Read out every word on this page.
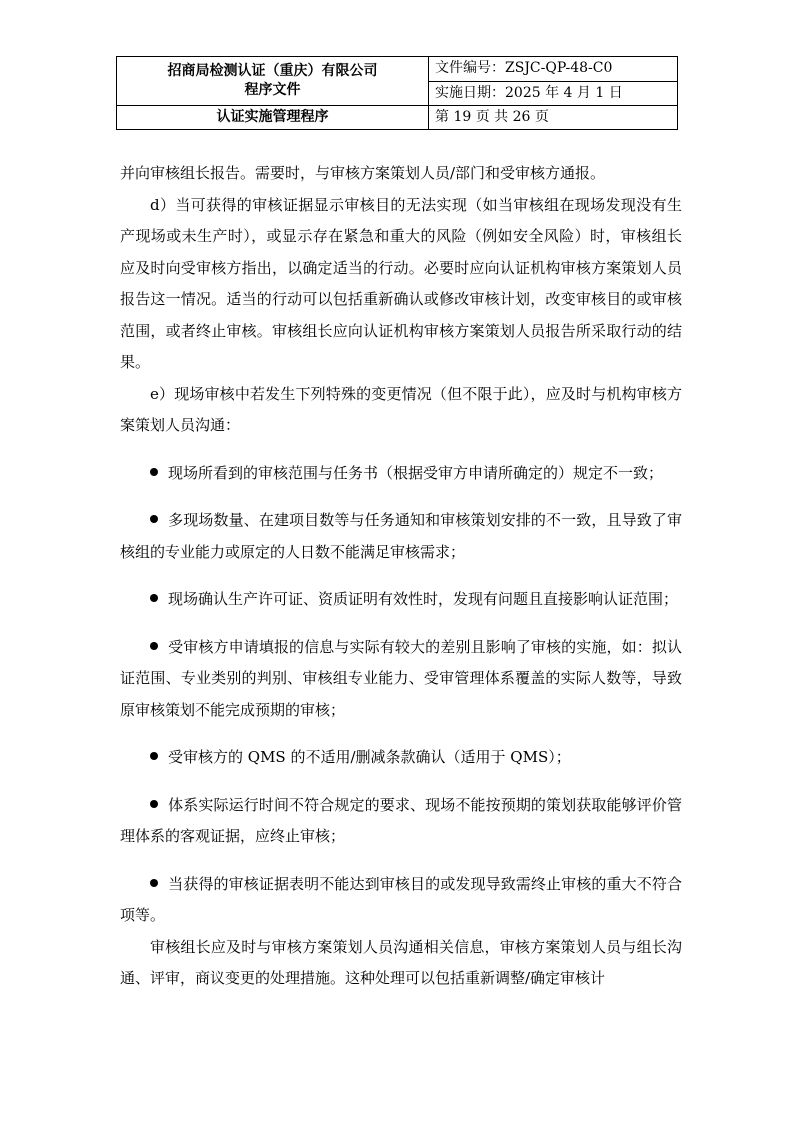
招商局检测认证（重庆）有限公司	文件编号：ZSJC-QP-48-C0
程序文件	实施日期：2025 年 4 月 1 日
认证实施管理程序	第 19 页 共 26 页

并向审核组长报告。需要时，与审核方案策划人员/部门和受审核方通报。

d）当可获得的审核证据显示审核目的无法实现（如当审核组在现场发现没有生产现场或未生产时），或显示存在紧急和重大的风险（例如安全风险）时，审核组长应及时向受审核方指出，以确定适当的行动。必要时应向认证机构审核方案策划人员报告这一情况。适当的行动可以包括重新确认或修改审核计划，改变审核目的或审核范围，或者终止审核。审核组长应向认证机构审核方案策划人员报告所采取行动的结果。

e）现场审核中若发生下列特殊的变更情况（但不限于此），应及时与机构审核方案策划人员沟通：

现场所看到的审核范围与任务书（根据受审方申请所确定的）规定不一致；

多现场数量、在建项目数等与任务通知和审核策划安排的不一致，且导致了审核组的专业能力或原定的人日数不能满足审核需求；

现场确认生产许可证、资质证明有效性时，发现有问题且直接影响认证范围；

受审核方申请填报的信息与实际有较大的差别且影响了审核的实施，如：拟认证范围、专业类别的判别、审核组专业能力、受审管理体系覆盖的实际人数等，导致原审核策划不能完成预期的审核；

受审核方的 QMS 的不适用/删减条款确认（适用于 QMS）；

体系实际运行时间不符合规定的要求、现场不能按预期的策划获取能够评价管理体系的客观证据，应终止审核；

当获得的审核证据表明不能达到审核目的或发现导致需终止审核的重大不符合项等。

审核组长应及时与审核方案策划人员沟通相关信息，审核方案策划人员与组长沟通、评审，商议变更的处理措施。这种处理可以包括重新调整/确定审核计
